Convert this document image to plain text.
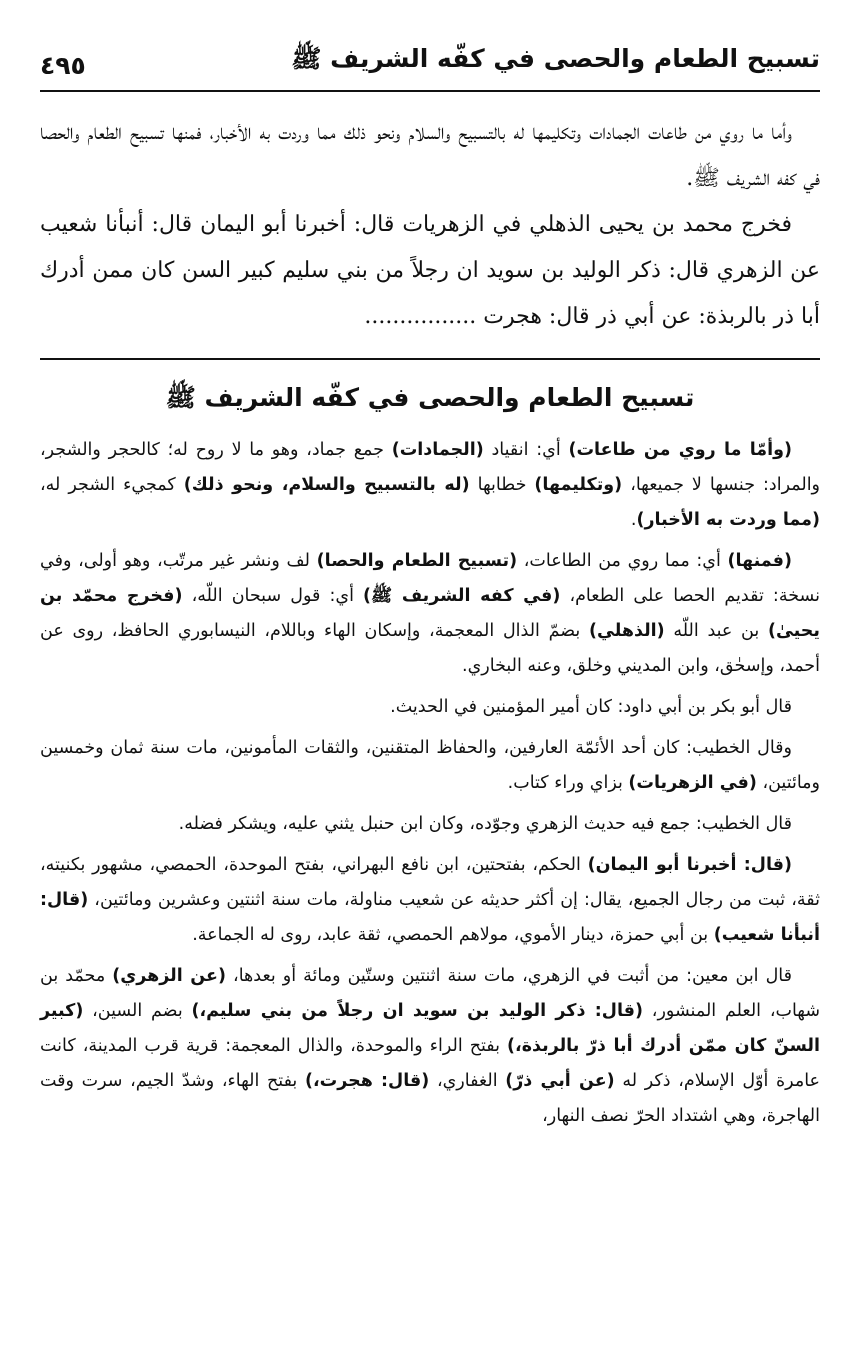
تسبيح الطعام والحصى في كفّه الشريف ﷺ
٤٩٥

وأما ما روي من طاعات الجمادات وتكليمها له بالتسبيح والسلام ونحو ذلك مما وردت به الأخبار، فمنها تسبيح الطعام والحصا في كفه الشريف ﷺ.

فخرج محمد بن يحيى الذهلي في الزهريات قال: أخبرنا أبو اليمان قال: أنبأنا شعيب عن الزهري قال: ذكر الوليد بن سويد ان رجلاً من بني سليم كبير السن كان ممن أدرك أبا ذر بالربذة: عن أبي ذر قال: هجرت ................

تسبيح الطعام والحصى في كفّه الشريف ﷺ

(وأمّا ما روي من طاعات) أي: انقياد (الجمادات) جمع جماد، وهو ما لا روح له؛ كالحجر والشجر، والمراد: جنسها لا جميعها، (وتكليمها) خطابها (له بالتسبيح والسلام، ونحو ذلك) كمجيء الشجر له، (مما وردت به الأخبار).

(فمنها) أي: مما روي من الطاعات، (تسبيح الطعام والحصا) لف ونشر غير مرتّب، وهو أولى، وفي نسخة: تقديم الحصا على الطعام، (في كفه الشريف ﷺ) أي: قول سبحان اللّه، (فخرج محمّد بن يحيىٰ) بن عبد اللّه (الذهلي) بضمّ الذال المعجمة، وإسكان الهاء وباللام، النيسابوري الحافظ، روى عن أحمد، وإسحٰق، وابن المديني وخلق، وعنه البخاري.

قال أبو بكر بن أبي داود: كان أمير المؤمنين في الحديث.

وقال الخطيب: كان أحد الأئمّة العارفين، والحفاظ المتقنين، والثقات المأمونين، مات سنة ثمان وخمسين ومائتين، (في الزهريات) بزاي وراء كتاب.

قال الخطيب: جمع فيه حديث الزهري وجوّده، وكان ابن حنبل يثني عليه، ويشكر فضله.

(قال: أخبرنا أبو اليمان) الحكم، بفتحتين، ابن نافع البهراني، بفتح الموحدة، الحمصي، مشهور بكنيته، ثقة، ثبت من رجال الجميع، يقال: إن أكثر حديثه عن شعيب مناولة، مات سنة اثنتين وعشرين ومائتين، (قال: أنبأنا شعيب) بن أبي حمزة، دينار الأموي، مولاهم الحمصي، ثقة عابد، روى له الجماعة.

قال ابن معين: من أثبت في الزهري، مات سنة اثنتين وستّين ومائة أو بعدها، (عن الزهري) محمّد بن شهاب، العلم المنشور، (قال: ذكر الوليد بن سويد ان رجلاً من بني سليم،) بضم السين، (كبير السنّ كان ممّن أدرك أبا ذرّ بالربذة،) بفتح الراء والموحدة، والذال المعجمة: قرية قرب المدينة، كانت عامرة أوّل الإسلام، ذكر له (عن أبي ذرّ) الغفاري، (قال: هجرت،) بفتح الهاء، وشدّ الجيم، سرت وقت الهاجرة، وهي اشتداد الحرّ نصف النهار،
